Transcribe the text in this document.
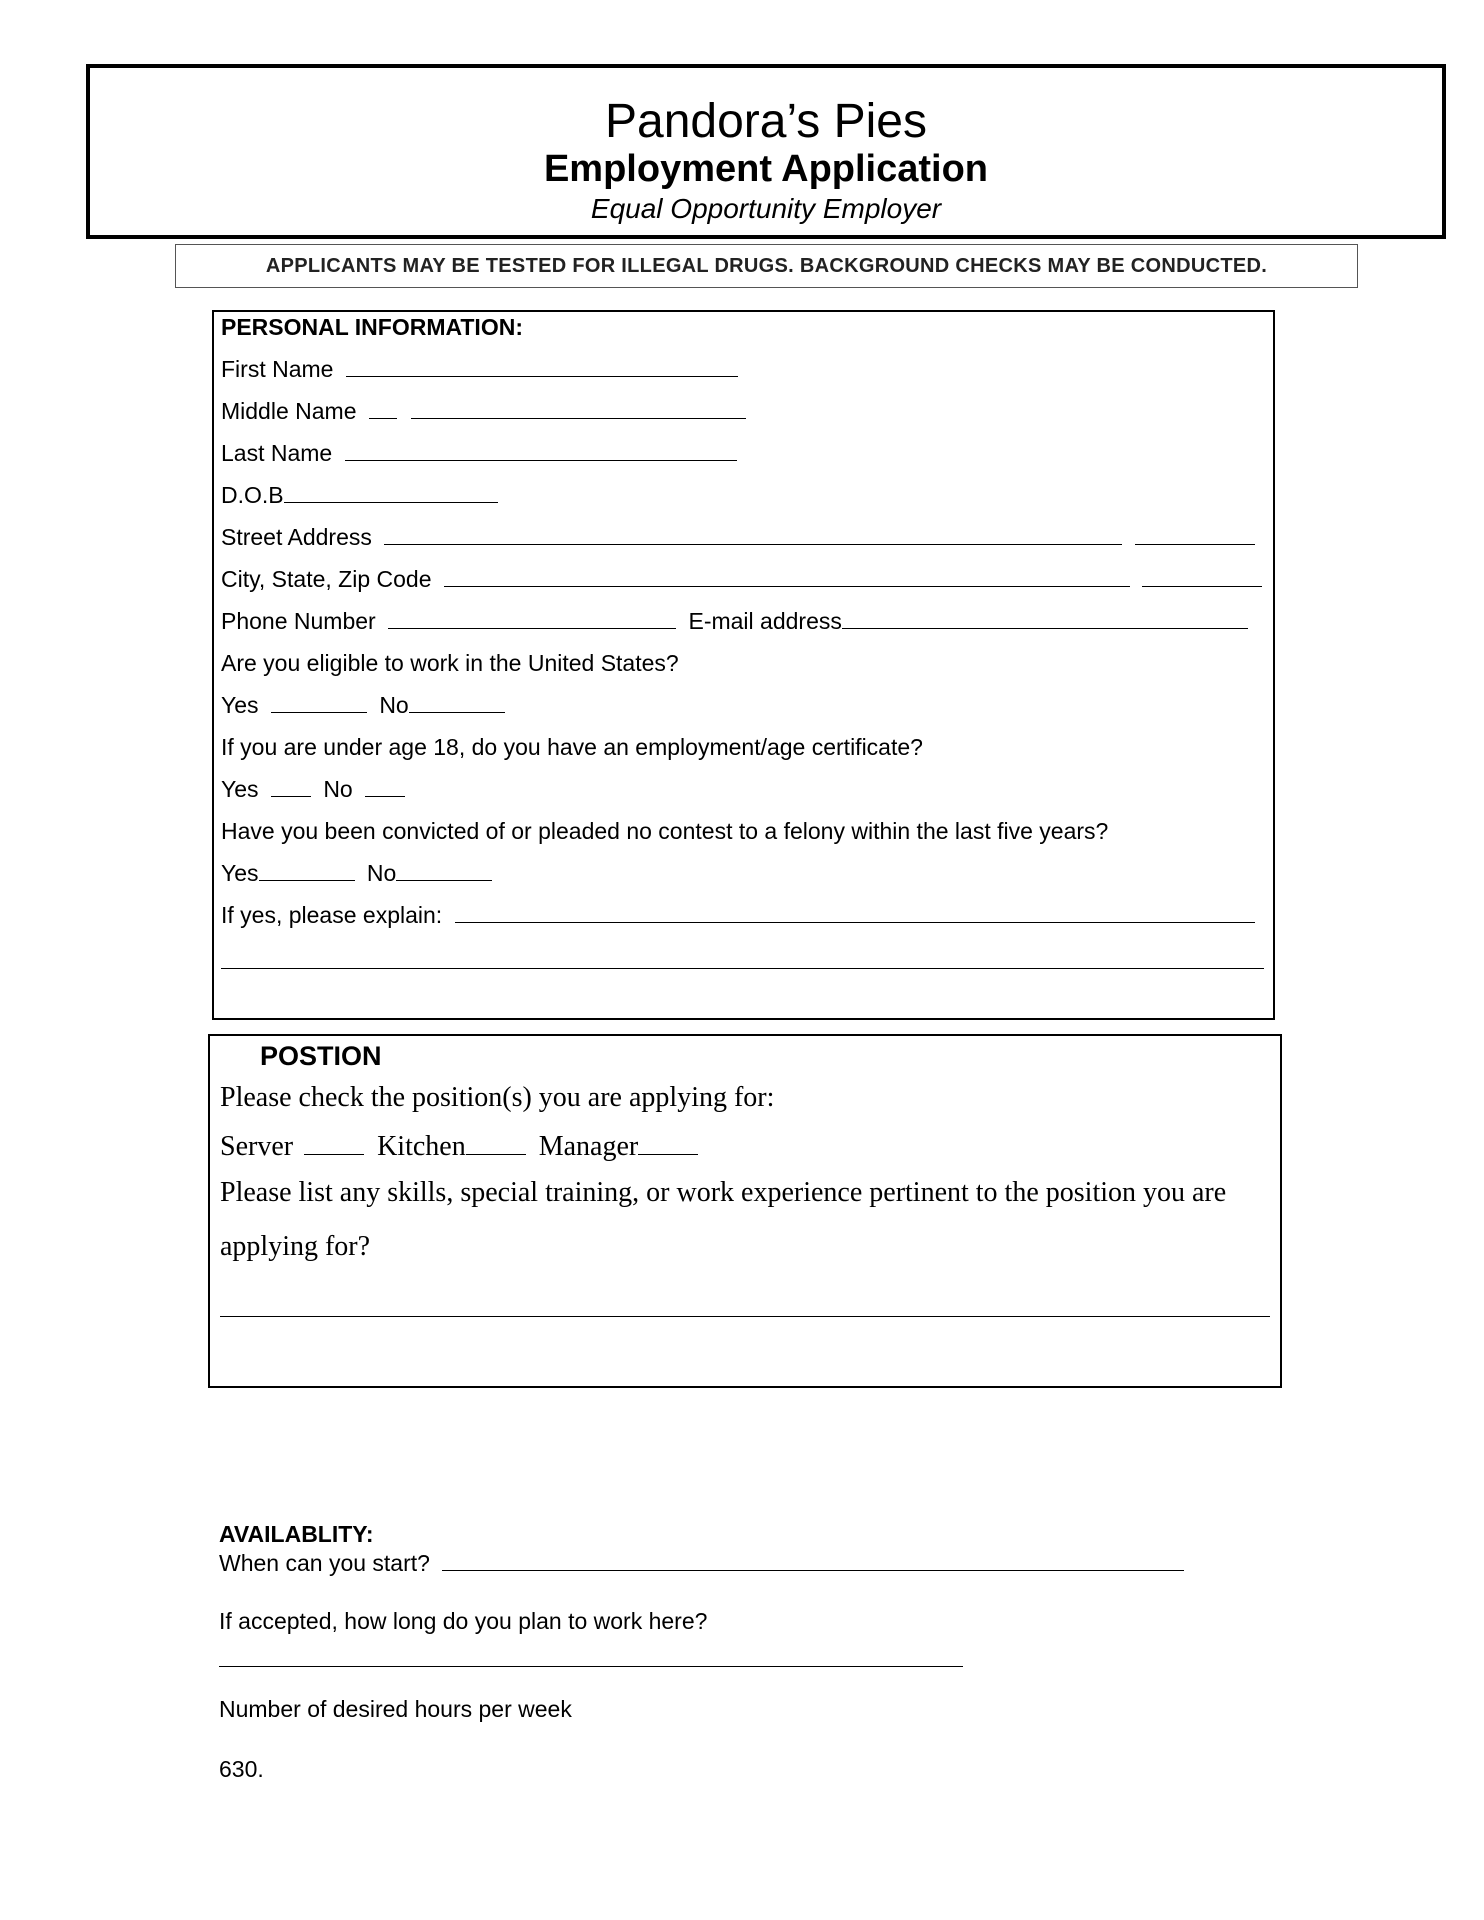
Pandora’s Pies
Employment Application
Equal Opportunity Employer
APPLICANTS MAY BE TESTED FOR ILLEGAL DRUGS. BACKGROUND CHECKS MAY BE CONDUCTED.
PERSONAL INFORMATION:
First Name
Middle Name
Last Name
D.O.B
Street Address
City, State, Zip Code
Phone Number	E-mail address
Are you eligible to work in the United States?
Yes	No
If you are under age 18, do you have an employment/age certificate?
Yes	No
Have you been convicted of or pleaded no contest to a felony within the last five years?
Yes	No
If yes, please explain:
POSTION
Please check the position(s) you are applying for:
Server	Kitchen	Manager
Please list any skills, special training, or work experience pertinent to the position you are
applying for?
AVAILABLITY:
When can you start?
If accepted, how long do you plan to work here?
Number of desired hours per week
630.
